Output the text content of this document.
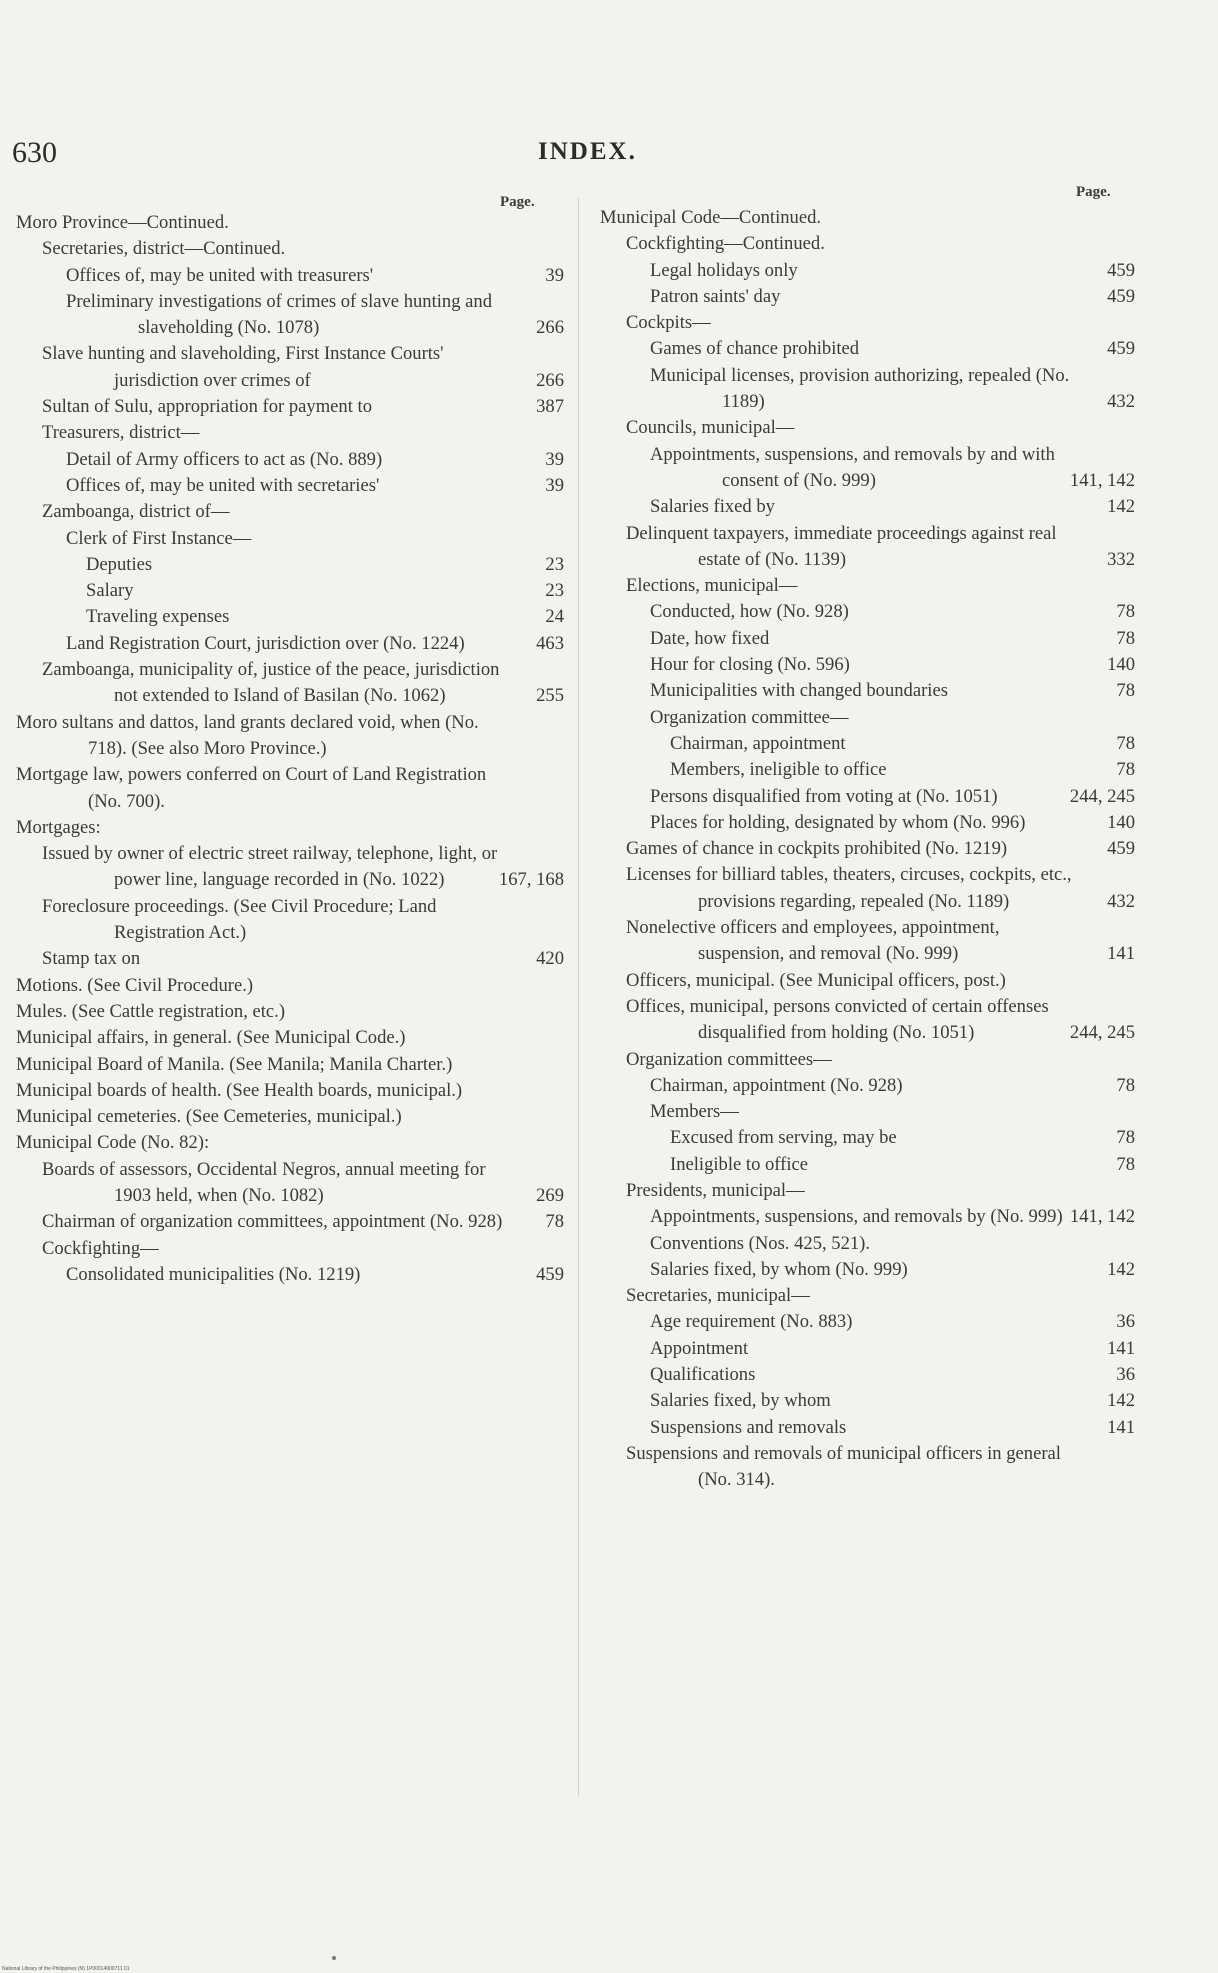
630	INDEX.
Page.
Page.
Moro Province—Continued.
Secretaries, district—Continued.
Offices of, may be united with treasurers'	39
Preliminary investigations of crimes of slave hunting and slaveholding (No. 1078)	266
Slave hunting and slaveholding, First Instance Courts' jurisdiction over crimes of	266
Sultan of Sulu, appropriation for payment to	387
Treasurers, district—
Detail of Army officers to act as (No. 889)	39
Offices of, may be united with secretaries'	39
Zamboanga, district of—
Clerk of First Instance—
Deputies	23
Salary	23
Traveling expenses	24
Land Registration Court, jurisdiction over (No. 1224)	463
Zamboanga, municipality of, justice of the peace, jurisdiction not extended to Island of Basilan (No. 1062)	255
Moro sultans and dattos, land grants declared void, when (No. 718). (See also Moro Province.)
Mortgage law, powers conferred on Court of Land Registration (No. 700).
Mortgages:
Issued by owner of electric street railway, telephone, light, or power line, language recorded in (No. 1022)	167, 168
Foreclosure proceedings. (See Civil Procedure; Land Registration Act.)
Stamp tax on	420
Motions. (See Civil Procedure.)
Mules. (See Cattle registration, etc.)
Municipal affairs, in general. (See Municipal Code.)
Municipal Board of Manila. (See Manila; Manila Charter.)
Municipal boards of health. (See Health boards, municipal.)
Municipal cemeteries. (See Cemeteries, municipal.)
Municipal Code (No. 82):
Boards of assessors, Occidental Negros, annual meeting for 1903 held, when (No. 1082)	269
Chairman of organization committees, appointment (No. 928)	78
Cockfighting—
Consolidated municipalities (No. 1219)	459
Municipal Code—Continued.
Cockfighting—Continued.
Legal holidays only	459
Patron saints' day	459
Cockpits—
Games of chance prohibited	459
Municipal licenses, provision authorizing, repealed (No. 1189)	432
Councils, municipal—
Appointments, suspensions, and removals by and with consent of (No. 999)	141, 142
Salaries fixed by	142
Delinquent taxpayers, immediate proceedings against real estate of (No. 1139)	332
Elections, municipal—
Conducted, how (No. 928)	78
Date, how fixed	78
Hour for closing (No. 596)	140
Municipalities with changed boundaries	78
Organization committee—
Chairman, appointment	78
Members, ineligible to office	78
Persons disqualified from voting at (No. 1051)	244, 245
Places for holding, designated by whom (No. 996)	140
Games of chance in cockpits prohibited (No. 1219)	459
Licenses for billiard tables, theaters, circuses, cockpits, etc., provisions regarding, repealed (No. 1189)	432
Nonelective officers and employees, appointment, suspension, and removal (No. 999)	141
Officers, municipal. (See Municipal officers, post.)
Offices, municipal, persons convicted of certain offenses disqualified from holding (No. 1051)	244, 245
Organization committees—
Chairman, appointment (No. 928)	78
Members—
Excused from serving, may be	78
Ineligible to office	78
Presidents, municipal—
Appointments, suspensions, and removals by (No. 999) 141, 142
Conventions (Nos. 425, 521).
Salaries fixed, by whom (No. 999)	142
Secretaries, municipal—
Age requirement (No. 883)	36
Appointment	141
Qualifications	36
Salaries fixed, by whom	142
Suspensions and removals	141
Suspensions and removals of municipal officers in general (No. 314).
National Library of the Philippines (N) 1P00014900711 01
